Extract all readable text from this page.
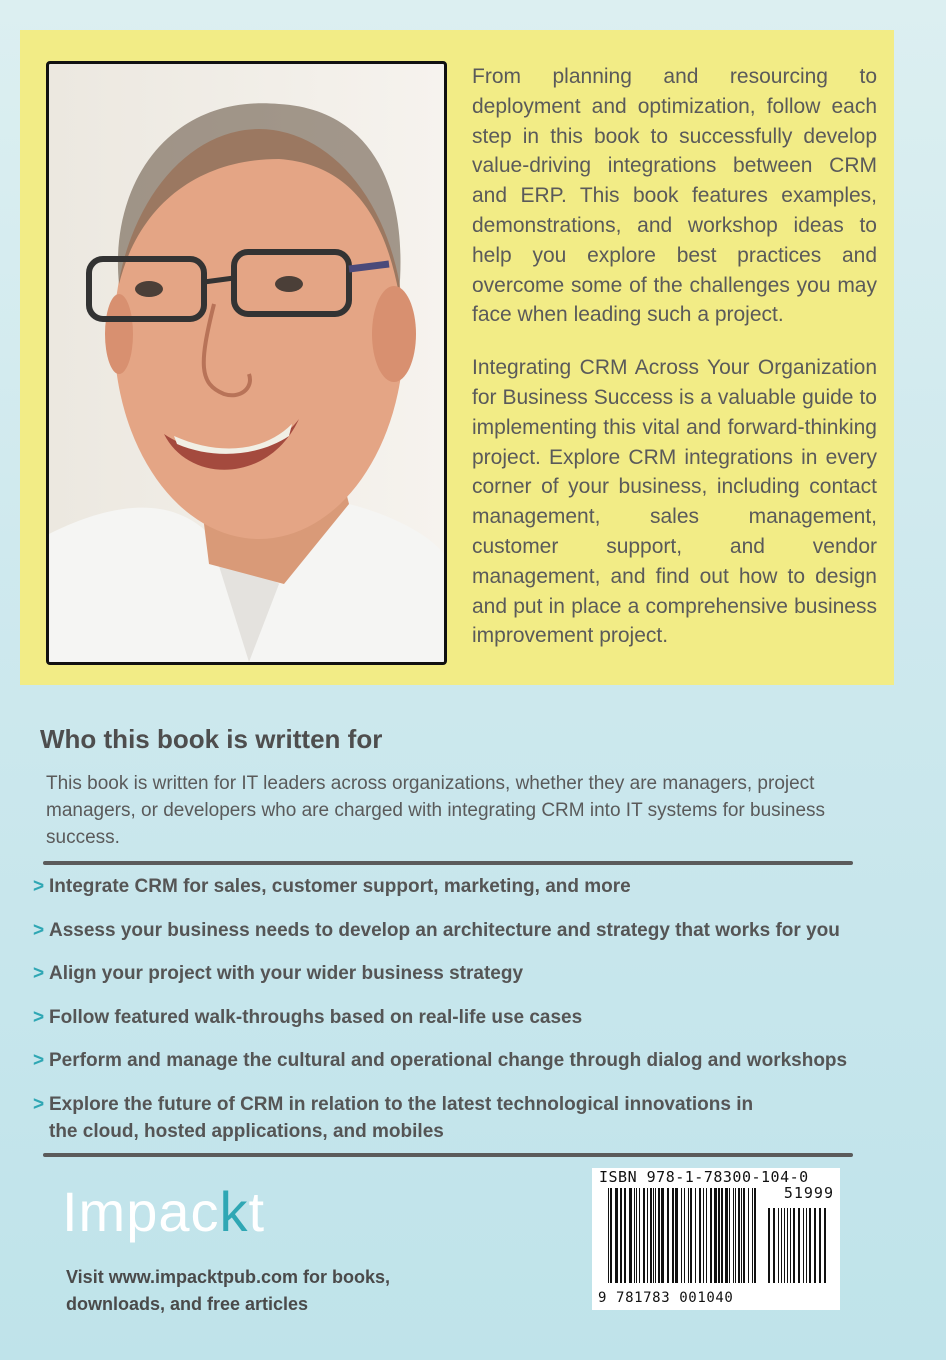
From planning and resourcing to deployment and optimization, follow each step in this book to successfully develop value-driving integrations between CRM and ERP. This book features examples, demonstrations, and workshop ideas to help you explore best practices and overcome some of the challenges you may face when leading such a project.

Integrating CRM Across Your Organization for Business Success is a valuable guide to implementing this vital and forward-thinking project. Explore CRM integrations in every corner of your business, including contact management, sales management, customer support, and vendor management, and find out how to design and put in place a comprehensive business improvement project.

Who this book is written for

This book is written for IT leaders across organizations, whether they are managers, project managers, or developers who are charged with integrating CRM into IT systems for business success.

> Integrate CRM for sales, customer support, marketing, and more
> Assess your business needs to develop an architecture and strategy that works for you
> Align your project with your wider business strategy
> Follow featured walk-throughs based on real-life use cases
> Perform and manage the cultural and operational change through dialog and workshops
> Explore the future of CRM in relation to the latest technological innovations in the cloud, hosted applications, and mobiles
Impackt

Visit www.impacktpub.com for books, downloads, and free articles

ISBN 978-1-78300-104-0
51999
9 781783 001040
